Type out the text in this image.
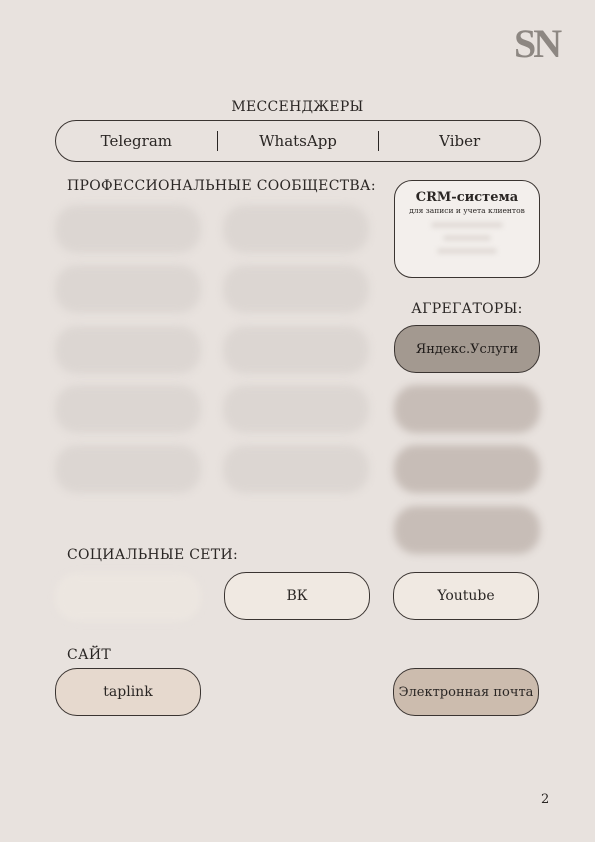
SN
МЕССЕНДЖЕРЫ
Telegram	WhatsApp	Viber
ПРОФЕССИОНАЛЬНЫЕ СООБЩЕСТВА:
CRM-система
для записи и учета клиентов
АГРЕГАТОРЫ:
Яндекс.Услуги
СОЦИАЛЬНЫЕ СЕТИ:
ВК	Youtube
САЙТ
taplink	Электронная почта
2
